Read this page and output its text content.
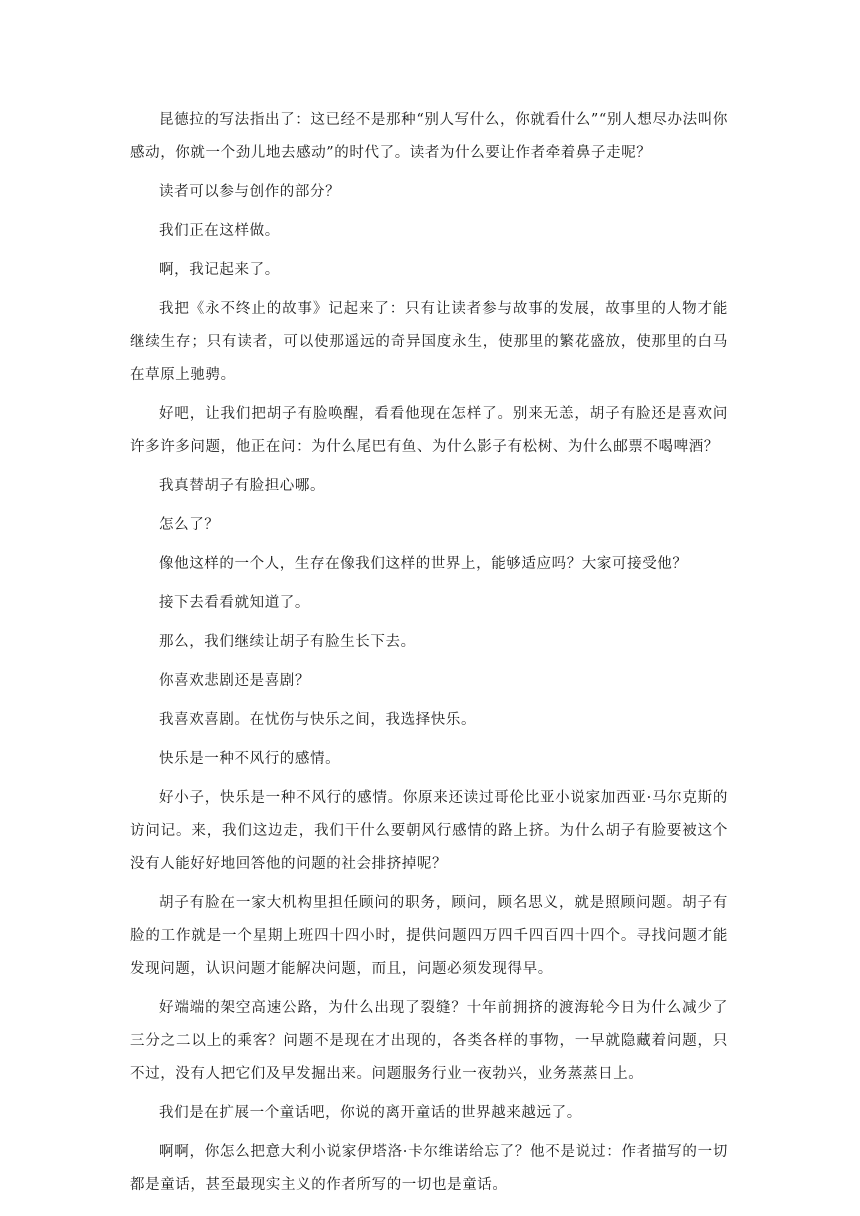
昆德拉的写法指出了：这已经不是那种“别人写什么，你就看什么”“别人想尽办法叫你感动，你就一个劲儿地去感动”的时代了。读者为什么要让作者牵着鼻子走呢？

读者可以参与创作的部分？

我们正在这样做。

啊，我记起来了。

我把《永不终止的故事》记起来了：只有让读者参与故事的发展，故事里的人物才能继续生存；只有读者，可以使那遥远的奇异国度永生，使那里的繁花盛放，使那里的白马在草原上驰骋。

好吧，让我们把胡子有脸唤醒，看看他现在怎样了。别来无恙，胡子有脸还是喜欢问许多许多问题，他正在问：为什么尾巴有鱼、为什么影子有松树、为什么邮票不喝啤酒？

我真替胡子有脸担心哪。

怎么了？

像他这样的一个人，生存在像我们这样的世界上，能够适应吗？大家可接受他？

接下去看看就知道了。

那么，我们继续让胡子有脸生长下去。

你喜欢悲剧还是喜剧？

我喜欢喜剧。在忧伤与快乐之间，我选择快乐。

快乐是一种不风行的感情。

好小子，快乐是一种不风行的感情。你原来还读过哥伦比亚小说家加西亚·马尔克斯的访问记。来，我们这边走，我们干什么要朝风行感情的路上挤。为什么胡子有脸要被这个没有人能好好地回答他的问题的社会排挤掉呢？

胡子有脸在一家大机构里担任顾问的职务，顾问，顾名思义，就是照顾问题。胡子有脸的工作就是一个星期上班四十四小时，提供问题四万四千四百四十四个。寻找问题才能发现问题，认识问题才能解决问题，而且，问题必须发现得早。

好端端的架空高速公路，为什么出现了裂缝？十年前拥挤的渡海轮今日为什么减少了三分之二以上的乘客？问题不是现在才出现的，各类各样的事物，一早就隐藏着问题，只不过，没有人把它们及早发掘出来。问题服务行业一夜勃兴，业务蒸蒸日上。

我们是在扩展一个童话吧，你说的离开童话的世界越来越远了。

啊啊，你怎么把意大利小说家伊塔洛·卡尔维诺给忘了？他不是说过：作者描写的一切都是童话，甚至最现实主义的作者所写的一切也是童话。
